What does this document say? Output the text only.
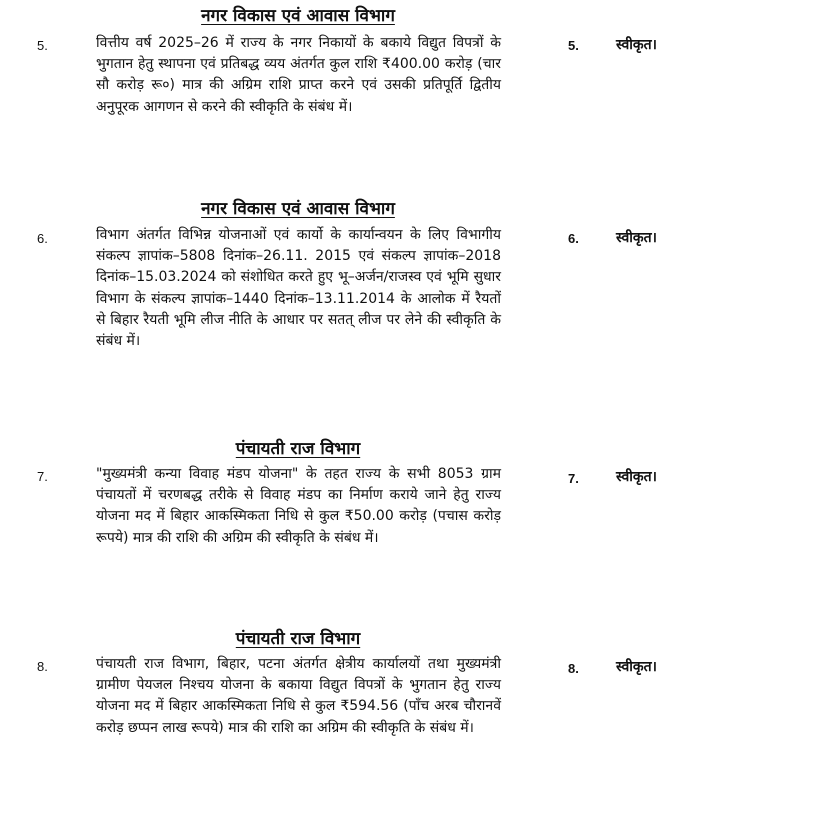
नगर विकास एवं आवास विभाग
5.	वित्तीय वर्ष 2025–26 में राज्य के नगर निकायों के बकाये विद्युत विपत्रों के भुगतान हेतु स्थापना एवं प्रतिबद्ध व्यय अंतर्गत कुल राशि ₹400.00 करोड़ (चार सौ करोड़ रू०) मात्र की अग्रिम राशि प्राप्त करने एवं उसकी प्रतिपूर्ति द्वितीय अनुपूरक आगणन से करने की स्वीकृति के संबंध में।
5.	स्वीकृत।
नगर विकास एवं आवास विभाग
6.	विभाग अंतर्गत विभिन्न योजनाओं एवं कार्यो के कार्यान्वयन के लिए विभागीय संकल्प ज्ञापांक–5808 दिनांक–26.11. 2015 एवं संकल्प ज्ञापांक–2018 दिनांक–15.03.2024 को संशोधित करते हुए भू–अर्जन/राजस्व एवं भूमि सुधार विभाग के संकल्प ज्ञापांक–1440 दिनांक–13.11.2014 के आलोक में रैयतों से बिहार रैयती भूमि लीज नीति के आधार पर सतत् लीज पर लेने की स्वीकृति के संबंध में।
6.	स्वीकृत।
पंचायती राज विभाग
7.	"मुख्यमंत्री कन्या विवाह मंडप योजना" के तहत राज्य के सभी 8053 ग्राम पंचायतों में चरणबद्ध तरीके से विवाह मंडप का निर्माण कराये जाने हेतु राज्य योजना मद में बिहार आकस्मिकता निधि से कुल ₹50.00 करोड़ (पचास करोड़ रूपये) मात्र की राशि की अग्रिम की स्वीकृति के संबंध में।
7.	स्वीकृत।
पंचायती राज विभाग
8.	पंचायती राज विभाग, बिहार, पटना अंतर्गत क्षेत्रीय कार्यालयों तथा मुख्यमंत्री ग्रामीण पेयजल निश्चय योजना के बकाया विद्युत विपत्रों के भुगतान हेतु राज्य योजना मद में बिहार आकस्मिकता निधि से कुल ₹594.56 (पाँच अरब चौरानवें करोड़ छप्पन लाख रूपये) मात्र की राशि का अग्रिम की स्वीकृति के संबंध में।
8.	स्वीकृत।
